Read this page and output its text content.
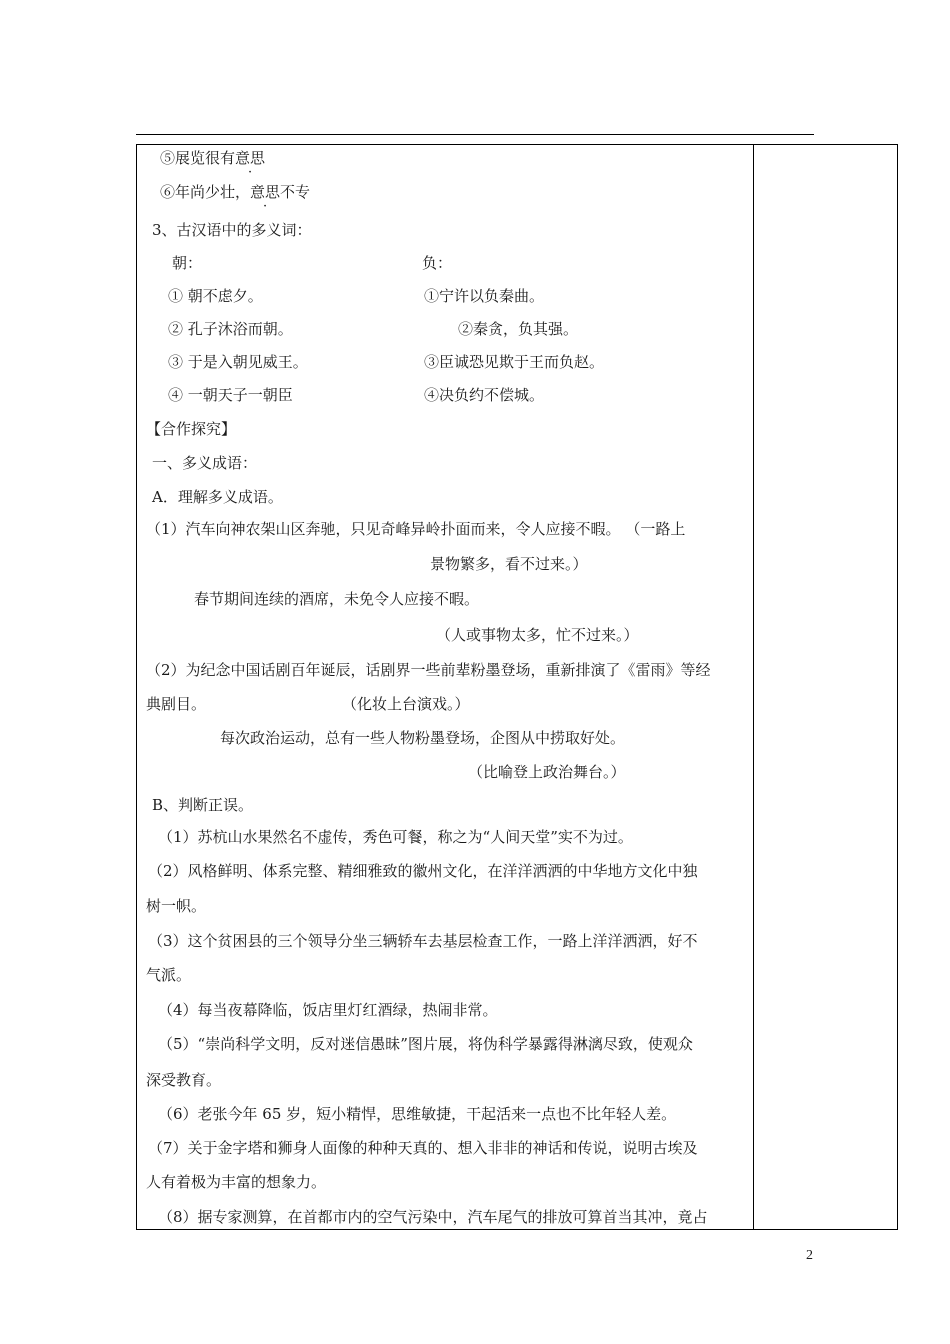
⑤展览很有意思
⑥年尚少壮，意思不专
3、古汉语中的多义词：
朝：	负：
① 朝不虑夕。
② 孔子沐浴而朝。
③ 于是入朝见威王。
④ 一朝天子一朝臣
①宁许以负秦曲。
②秦贪，负其强。
③臣诚恐见欺于王而负赵。
④决负约不偿城。
【合作探究】
一、多义成语：
A．理解多义成语。
（1）汽车向神农架山区奔驰，只见奇峰异岭扑面而来，令人应接不暇。 （一路上
景物繁多，看不过来。）
春节期间连续的酒席，未免令人应接不暇。
（人或事物太多，忙不过来。）
（2）为纪念中国话剧百年诞辰，话剧界一些前辈粉墨登场，重新排演了《雷雨》等经
典剧目。	（化妆上台演戏。）
每次政治运动，总有一些人物粉墨登场，企图从中捞取好处。
（比喻登上政治舞台。）
B、判断正误。
（1）苏杭山水果然名不虚传，秀色可餐，称之为“人间天堂”实不为过。
（2）风格鲜明、体系完整、精细雅致的徽州文化，在洋洋洒洒的中华地方文化中独
树一帜。
（3）这个贫困县的三个领导分坐三辆轿车去基层检查工作，一路上洋洋洒洒，好不
气派。
（4）每当夜幕降临，饭店里灯红酒绿，热闹非常。
（5）“崇尚科学文明，反对迷信愚昧”图片展，将伪科学暴露得淋漓尽致，使观众
深受教育。
（6）老张今年 65 岁，短小精悍，思维敏捷，干起活来一点也不比年轻人差。
（7）关于金字塔和狮身人面像的种种天真的、想入非非的神话和传说，说明古埃及
人有着极为丰富的想象力。
（8）据专家测算，在首都市内的空气污染中，汽车尾气的排放可算首当其冲，竟占
2
